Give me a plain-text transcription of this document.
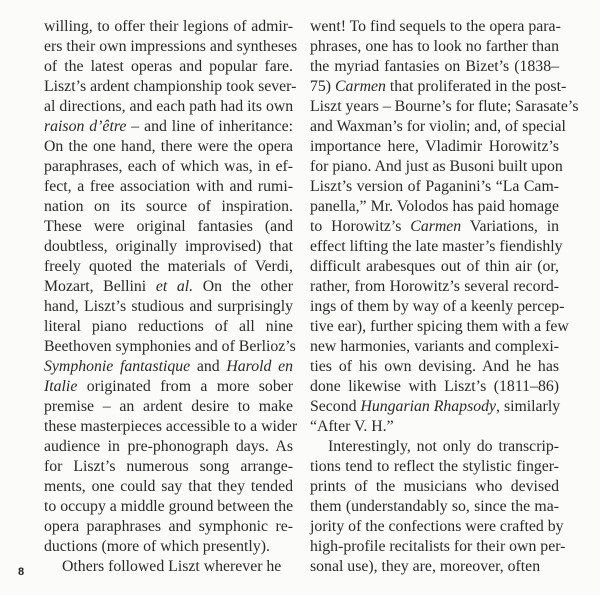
willing, to offer their legions of admir-
ers their own impressions and syntheses
of the latest operas and popular fare.
Liszt’s ardent championship took sever-
al directions, and each path had its own
raison d’être – and line of inheritance:
On the one hand, there were the opera
paraphrases, each of which was, in ef-
fect, a free association with and rumi-
nation on its source of inspiration.
These were original fantasies (and
doubtless, originally improvised) that
freely quoted the materials of Verdi,
Mozart, Bellini et al. On the other
hand, Liszt’s studious and surprisingly
literal piano reductions of all nine
Beethoven symphonies and of Berlioz’s
Symphonie fantastique and Harold en
Italie originated from a more sober
premise – an ardent desire to make
these masterpieces accessible to a wider
audience in pre-phonograph days. As
for Liszt’s numerous song arrange-
ments, one could say that they tended
to occupy a middle ground between the
opera paraphrases and symphonic re-
ductions (more of which presently).
Others followed Liszt wherever he
went! To find sequels to the opera para-
phrases, one has to look no farther than
the myriad fantasies on Bizet’s (1838–
75) Carmen that proliferated in the post-
Liszt years – Bourne’s for flute; Sarasate’s
and Waxman’s for violin; and, of special
importance here, Vladimir Horowitz’s
for piano. And just as Busoni built upon
Liszt’s version of Paganini’s “La Cam-
panella,” Mr. Volodos has paid homage
to Horowitz’s Carmen Variations, in
effect lifting the late master’s fiendishly
difficult arabesques out of thin air (or,
rather, from Horowitz’s several record-
ings of them by way of a keenly percep-
tive ear), further spicing them with a few
new harmonies, variants and complexi-
ties of his own devising. And he has
done likewise with Liszt’s (1811–86)
Second Hungarian Rhapsody, similarly
“After V. H.”
Interestingly, not only do transcrip-
tions tend to reflect the stylistic finger-
prints of the musicians who devised
them (understandably so, since the ma-
jority of the confections were crafted by
high-profile recitalists for their own per-
sonal use), they are, moreover, often
8
